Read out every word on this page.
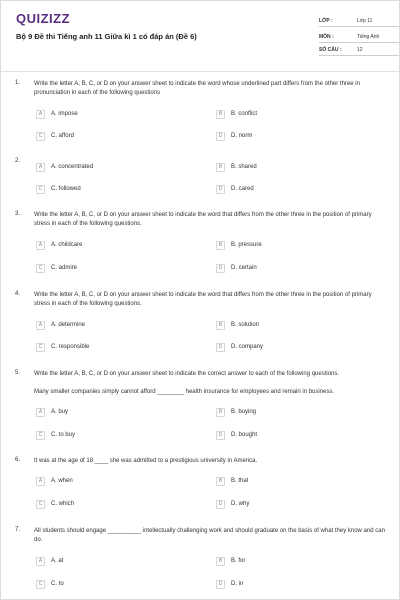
QUIZIZZ
Bộ 9 Đề thi Tiếng anh 11 Giữa kì 1 có đáp án (Đề 6)
LỚP :	Lớp 11
MÔN :	Tiếng Anh
SỐ CÂU :	12
1. Write the letter A, B, C, or D on your answer sheet to indicate the word whose underlined part differs from the other three in pronunciation in each of the following questions
A	A. impose	B	B. conflict
C	C. afford	D	D. norm
2.
A	A. concentrated	B	B. shared
C	C. followed	D	D. cared
3. Write the letter A, B, C, or D on your answer sheet to indicate the word that differs from the other three in the position of primary stress in each of the following questions.
A	A. childcare	B	B. pressure
C	C. admire	D	D. certain
4. Write the letter A, B, C, or D on your answer sheet to indicate the word that differs from the other three in the position of primary stress in each of the following questions.
A	A. determine	B	B. solution
C	C. responsible	D	D. company
5. Write the letter A, B, C, or D on your answer sheet to indicate the correct answer to each of the following questions.
Many smaller companies simply cannot afford ________ health insurance for employees and remain in business.
A	A. buy	B	B. buying
C	C. to buy	D	D. bought
6. It was at the age of 18 ____ she was admitted to a prestigious university in America.
A	A. when	B	B. that
C	C. which	D	D. why
7. All students should engage __________ intellectually challenging work and should graduate on the basis of what they know and can do.
A	A. at	B	B. for
C	C. to	D	D. in
